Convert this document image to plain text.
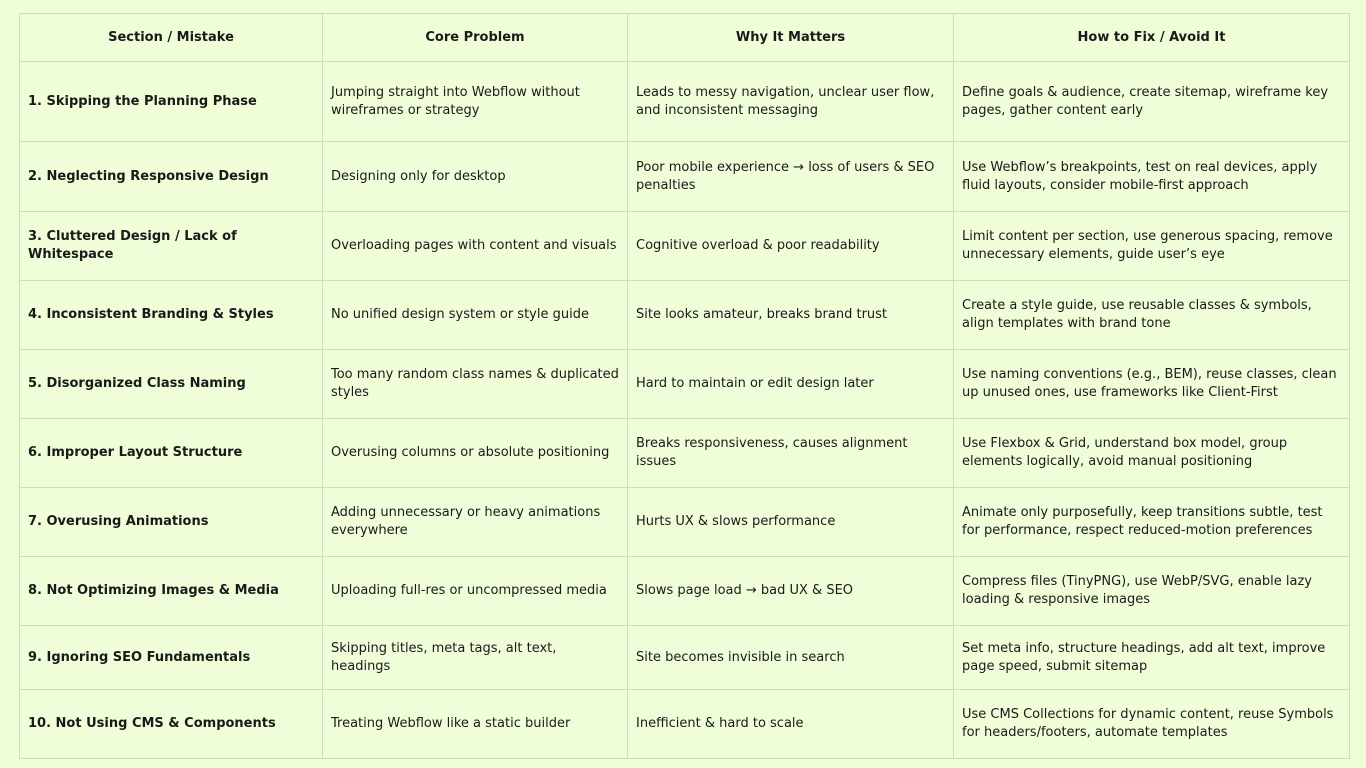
Section / Mistake	Core Problem	Why It Matters	How to Fix / Avoid It
1. Skipping the Planning Phase	Jumping straight into Webflow without wireframes or strategy	Leads to messy navigation, unclear user flow, and inconsistent messaging	Define goals & audience, create sitemap, wireframe key pages, gather content early
2. Neglecting Responsive Design	Designing only for desktop	Poor mobile experience → loss of users & SEO penalties	Use Webflow’s breakpoints, test on real devices, apply fluid layouts, consider mobile-first approach
3. Cluttered Design / Lack of Whitespace	Overloading pages with content and visuals	Cognitive overload & poor readability	Limit content per section, use generous spacing, remove unnecessary elements, guide user’s eye
4. Inconsistent Branding & Styles	No unified design system or style guide	Site looks amateur, breaks brand trust	Create a style guide, use reusable classes & symbols, align templates with brand tone
5. Disorganized Class Naming	Too many random class names & duplicated styles	Hard to maintain or edit design later	Use naming conventions (e.g., BEM), reuse classes, clean up unused ones, use frameworks like Client-First
6. Improper Layout Structure	Overusing columns or absolute positioning	Breaks responsiveness, causes alignment issues	Use Flexbox & Grid, understand box model, group elements logically, avoid manual positioning
7. Overusing Animations	Adding unnecessary or heavy animations everywhere	Hurts UX & slows performance	Animate only purposefully, keep transitions subtle, test for performance, respect reduced-motion preferences
8. Not Optimizing Images & Media	Uploading full-res or uncompressed media	Slows page load → bad UX & SEO	Compress files (TinyPNG), use WebP/SVG, enable lazy loading & responsive images
9. Ignoring SEO Fundamentals	Skipping titles, meta tags, alt text, headings	Site becomes invisible in search	Set meta info, structure headings, add alt text, improve page speed, submit sitemap
10. Not Using CMS & Components	Treating Webflow like a static builder	Inefficient & hard to scale	Use CMS Collections for dynamic content, reuse Symbols for headers/footers, automate templates
